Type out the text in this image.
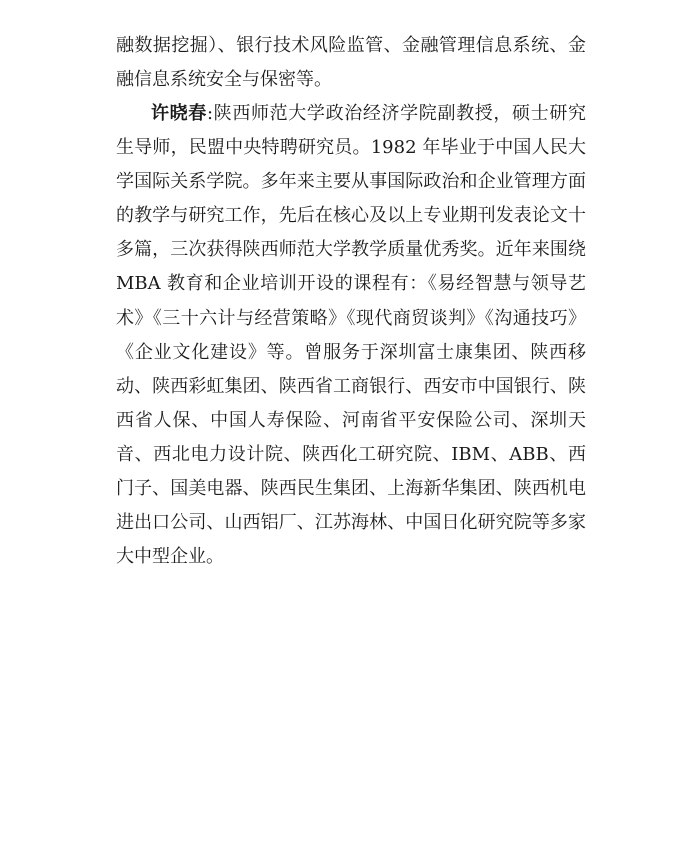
融数据挖掘）、银行技术风险监管、金融管理信息系统、金融信息系统安全与保密等。

许晓春:陕西师范大学政治经济学院副教授，硕士研究生导师，民盟中央特聘研究员。1982 年毕业于中国人民大学国际关系学院。多年来主要从事国际政治和企业管理方面的教学与研究工作，先后在核心及以上专业期刊发表论文十多篇，三次获得陕西师范大学教学质量优秀奖。近年来围绕 MBA 教育和企业培训开设的课程有：《易经智慧与领导艺术》《三十六计与经营策略》《现代商贸谈判》《沟通技巧》《企业文化建设》等。曾服务于深圳富士康集团、陕西移动、陕西彩虹集团、陕西省工商银行、西安市中国银行、陕西省人保、中国人寿保险、河南省平安保险公司、深圳天音、西北电力设计院、陕西化工研究院、IBM、ABB、西门子、国美电器、陕西民生集团、上海新华集团、陕西机电进出口公司、山西铝厂、江苏海林、中国日化研究院等多家大中型企业。
